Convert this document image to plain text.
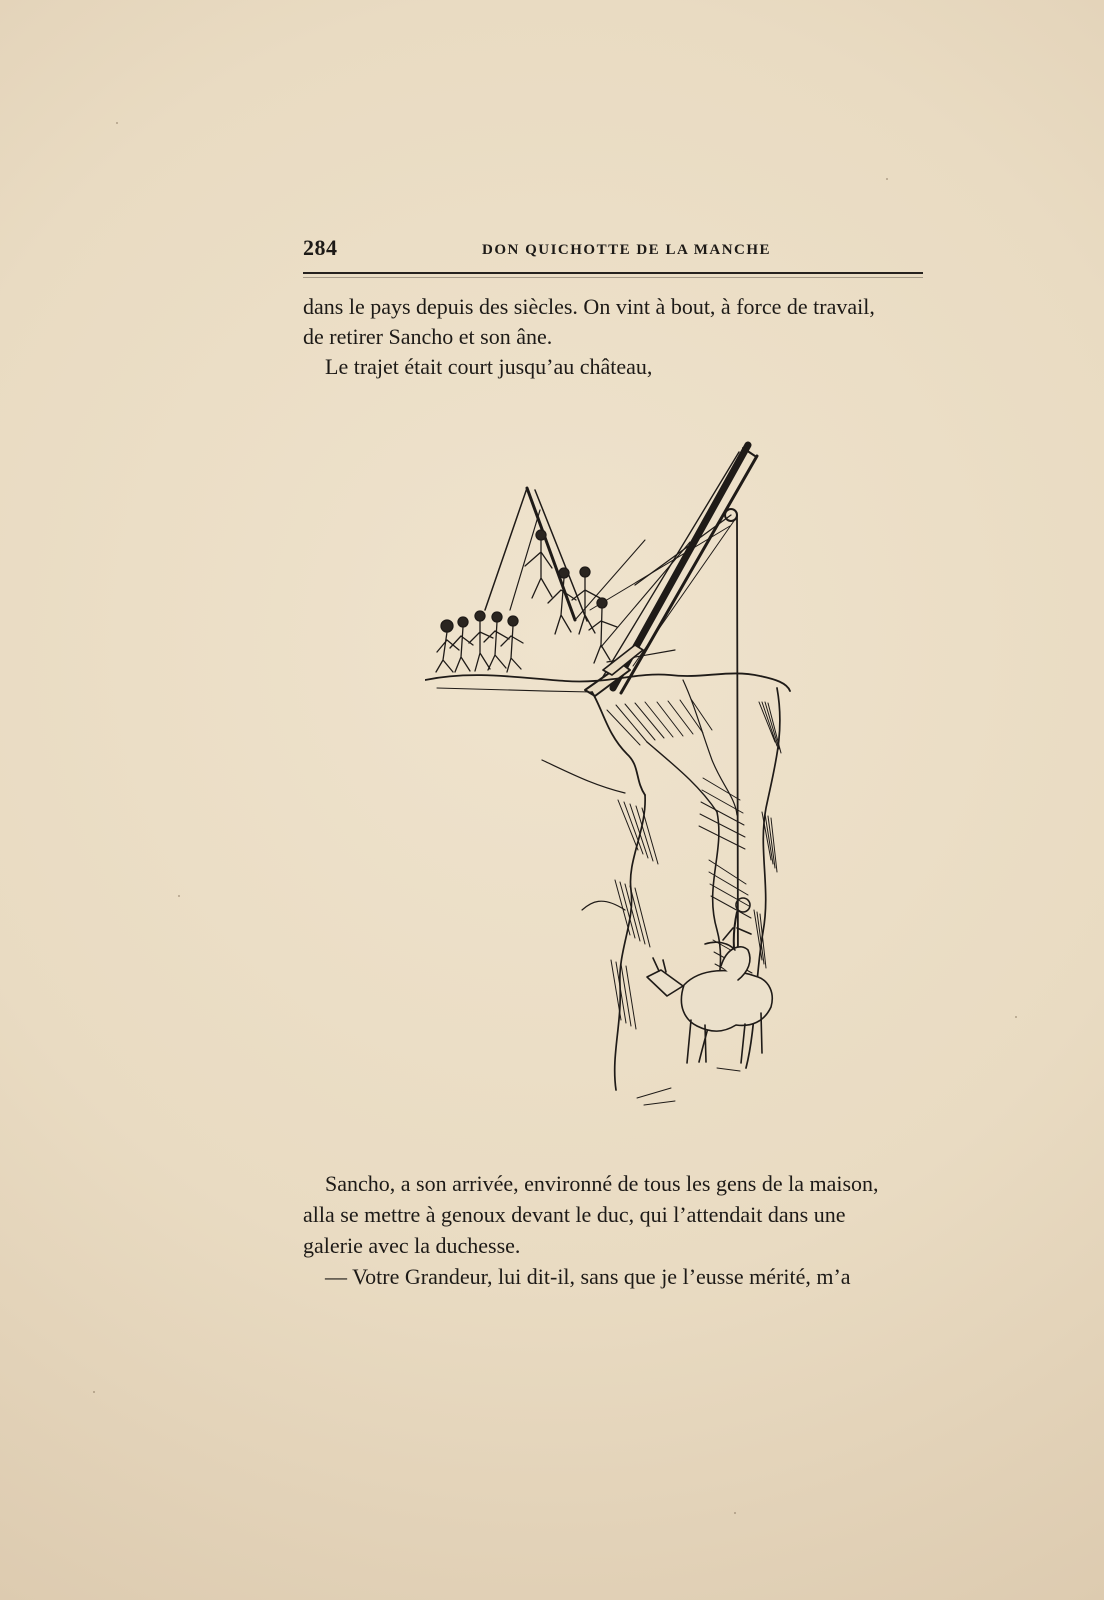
284	DON QUICHOTTE DE LA MANCHE
dans le pays depuis des siècles. On vint à bout, à force de travail,
de retirer Sancho et son âne.
Le trajet était court jusqu’au château,
Sancho, a son arrivée, environné de tous les gens de la maison,
alla se mettre à genoux devant le duc, qui l’attendait dans une
galerie avec la duchesse.
— Votre Grandeur, lui dit-il, sans que je l’eusse mérité, m’a
